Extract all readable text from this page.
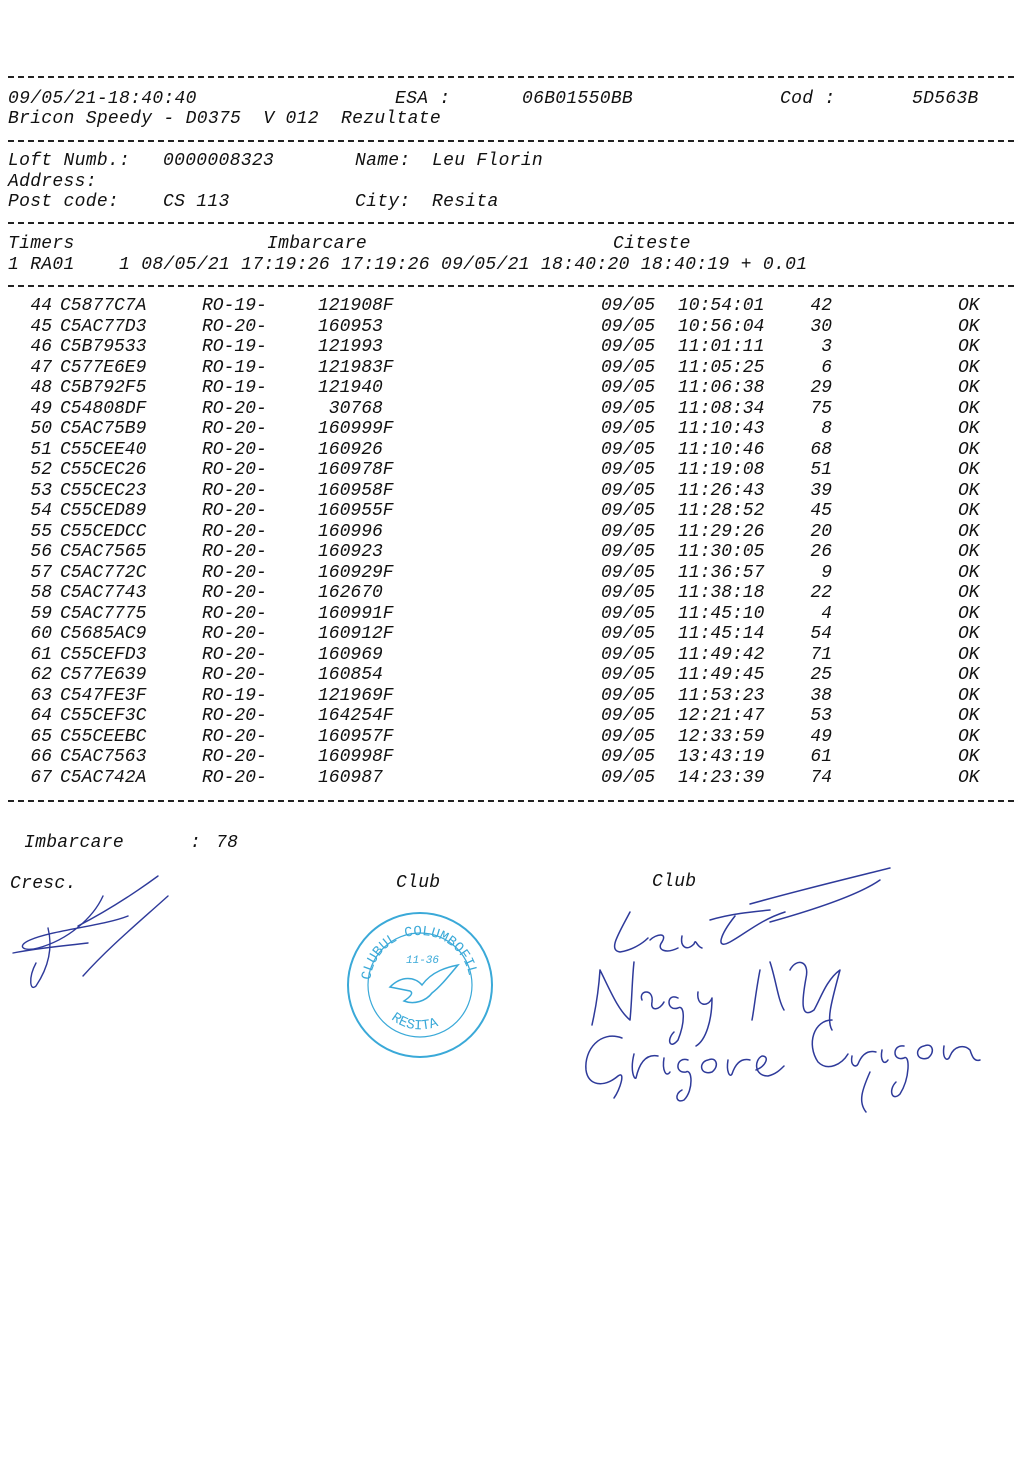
09/05/21-18:40:40	ESA :	06B01550BB	Cod :	5D563B
Bricon Speedy - D0375  V 012  Rezultate
Loft Numb.: 0000008323	Name: Leu Florin
Address:
Post code: CS 113	City: Resita
Timers	Imbarcare	Citeste
1 RA01    1 08/05/21 17:19:26 17:19:26 09/05/21 18:40:20 18:40:19 + 0.01
44 C5877C7A	RO-19-	121908F	09/05 10:54:01	42	OK
45 C5AC77D3	RO-20-	160953	09/05 10:56:04	30	OK
46 C5B79533	RO-19-	121993	09/05 11:01:11	3	OK
47 C577E6E9	RO-19-	121983F	09/05 11:05:25	6	OK
48 C5B792F5	RO-19-	121940	09/05 11:06:38	29	OK
49 C54808DF	RO-20-	30768	09/05 11:08:34	75	OK
50 C5AC75B9	RO-20-	160999F	09/05 11:10:43	8	OK
51 C55CEE40	RO-20-	160926	09/05 11:10:46	68	OK
52 C55CEC26	RO-20-	160978F	09/05 11:19:08	51	OK
53 C55CEC23	RO-20-	160958F	09/05 11:26:43	39	OK
54 C55CED89	RO-20-	160955F	09/05 11:28:52	45	OK
55 C55CEDCC	RO-20-	160996	09/05 11:29:26	20	OK
56 C5AC7565	RO-20-	160923	09/05 11:30:05	26	OK
57 C5AC772C	RO-20-	160929F	09/05 11:36:57	9	OK
58 C5AC7743	RO-20-	162670	09/05 11:38:18	22	OK
59 C5AC7775	RO-20-	160991F	09/05 11:45:10	4	OK
60 C5685AC9	RO-20-	160912F	09/05 11:45:14	54	OK
61 C55CEFD3	RO-20-	160969	09/05 11:49:42	71	OK
62 C577E639	RO-20-	160854	09/05 11:49:45	25	OK
63 C547FE3F	RO-19-	121969F	09/05 11:53:23	38	OK
64 C55CEF3C	RO-20-	164254F	09/05 12:21:47	53	OK
65 C55CEEBC	RO-20-	160957F	09/05 12:33:59	49	OK
66 C5AC7563	RO-20-	160998F	09/05 13:43:19	61	OK
67 C5AC742A	RO-20-	160987	09/05 14:23:39	74	OK
Imbarcare	: 78
Cresc.	Club	Club
CLUBUL COLUMBOFIL
11-36
RESITA
